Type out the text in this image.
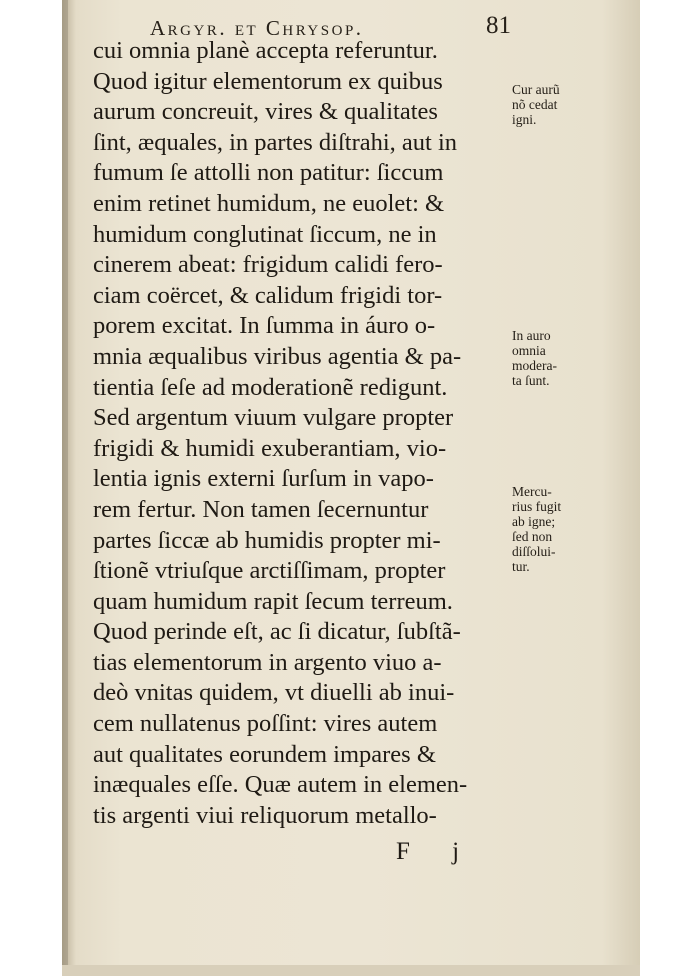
Argyr. et Chrysop.	81
cui omnia planè accepta referuntur.
Quod igitur elementorum ex quibus
aurum concreuit, vires & qualitates
ſint, æquales, in partes diſtrahi, aut in
fumum ſe attolli non patitur: ſiccum
enim retinet humidum, ne euolet: &
humidum conglutinat ſiccum, ne in
cinerem abeat: frigidum calidi fero-
ciam coërcet, & calidum frigidi tor-
porem excitat. In ſumma in áuro o-
mnia æqualibus viribus agentia & pa-
tientia ſeſe ad moderationẽ redigunt.
Sed argentum viuum vulgare propter
frigidi & humidi exuberantiam, vio-
lentia ignis externi ſurſum in vapo-
rem fertur. Non tamen ſecernuntur
partes ſiccæ ab humidis propter mi-
ſtionẽ vtriuſque arctiſſimam, propter
quam humidum rapit ſecum terreum.
Quod perinde eſt, ac ſi dicatur, ſubſtã-
tias elementorum in argento viuo a-
deò vnitas quidem, vt diuelli ab inui-
cem nullatenus poſſint: vires autem
aut qualitates eorundem impares &
inæquales eſſe. Quæ autem in elemen-
tis argenti viui reliquorum metallo-
Cur aurũ
nõ cedat
igni.
In auro
omnia
modera-
ta ſunt.
Mercu-
rius fugit
ab igne;
ſed non
diſſolui-
tur.
F j
